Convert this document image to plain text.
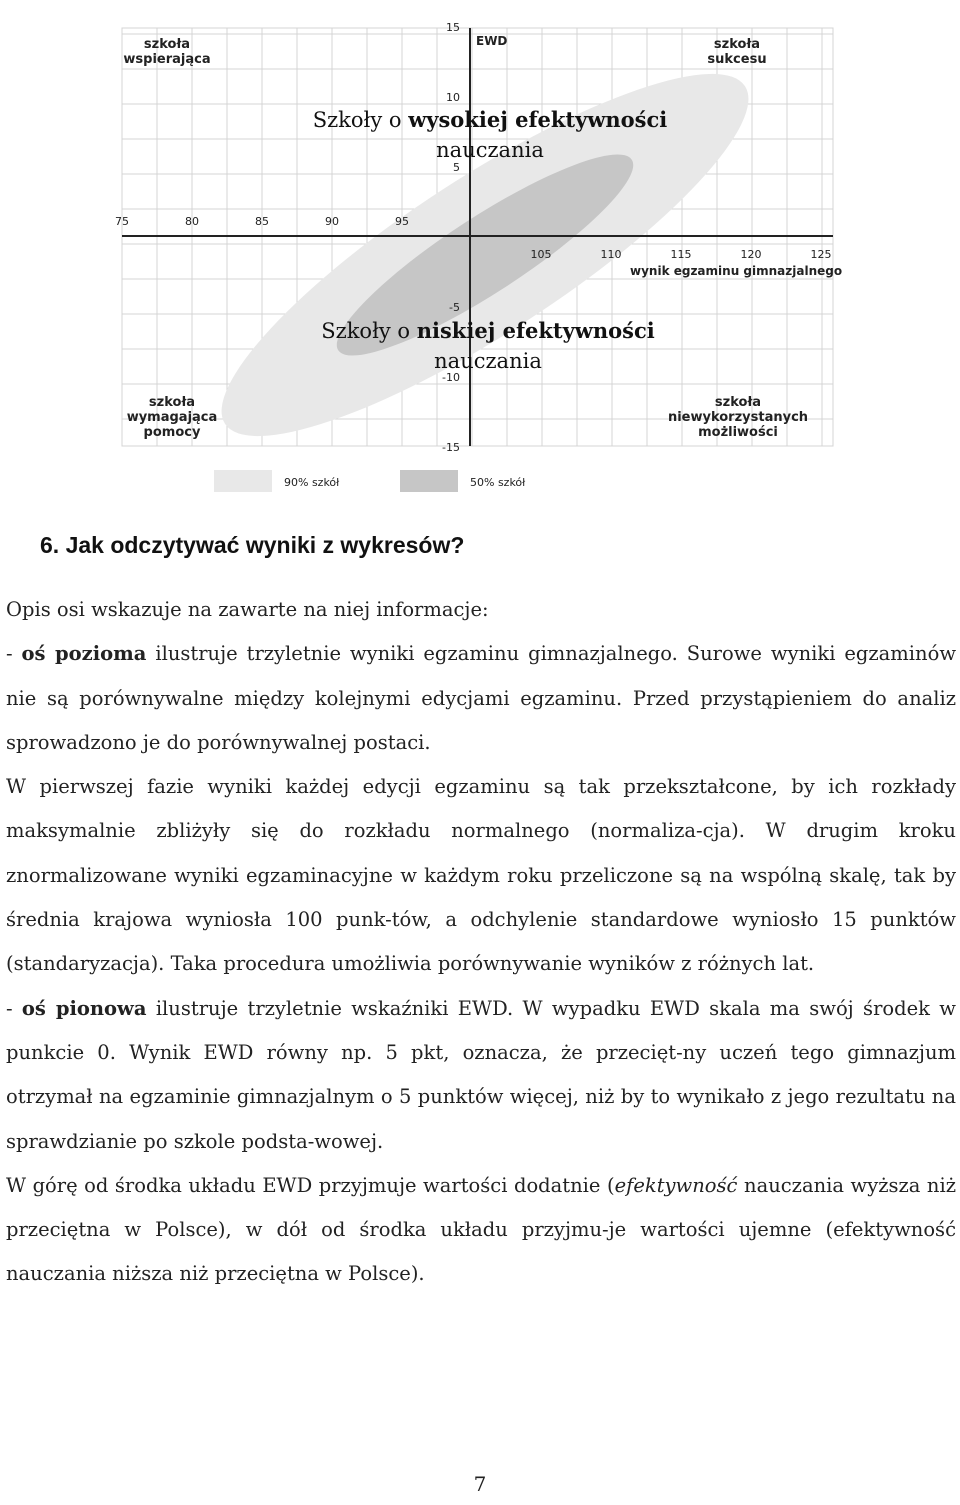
15
10
5
-5
-10
-15
75	80	85	90	95
105	110	115	120	125
EWD
wynik egzaminu gimnazjalnego
90% szkół	50% szkół
szkoła
wspierająca
szkoła
sukcesu
szkoła
wymagająca
pomocy
szkoła
niewykorzystanych
możliwości
Szkoły o wysokiej efektywności
nauczania
Szkoły o niskiej efektywności
nauczania
6. Jak odczytywać wyniki z wykresów?

Opis osi wskazuje na zawarte na niej informacje:

- oś pozioma ilustruje trzyletnie wyniki egzaminu gimnazjalnego. Surowe wyniki egzaminów nie są porównywalne między kolejnymi edycjami egzaminu. Przed przystąpieniem do analiz sprowadzono je do porównywalnej postaci.

W pierwszej fazie wyniki każdej edycji egzaminu są tak przekształcone, by ich rozkłady maksymalnie zbliżyły się do rozkładu normalnego (normaliza-cja). W drugim kroku znormalizowane wyniki egzaminacyjne w każdym roku przeliczone są na wspólną skalę, tak by średnia krajowa wyniosła 100 punk-tów, a odchylenie standardowe wyniosło 15 punktów (standaryzacja). Taka procedura umożliwia porównywanie wyników z różnych lat.

- oś pionowa ilustruje trzyletnie wskaźniki EWD. W wypadku EWD skala ma swój środek w punkcie 0. Wynik EWD równy np. 5 pkt, oznacza, że przecięt-ny uczeń tego gimnazjum otrzymał na egzaminie gimnazjalnym o 5 punktów więcej, niż by to wynikało z jego rezultatu na sprawdzianie po szkole podsta-wowej.

W górę od środka układu EWD przyjmuje wartości dodatnie (efektywność nauczania wyższa niż przeciętna w Polsce), w dół od środka układu przyjmu-je wartości ujemne (efektywność nauczania niższa niż przeciętna w Polsce).

7
